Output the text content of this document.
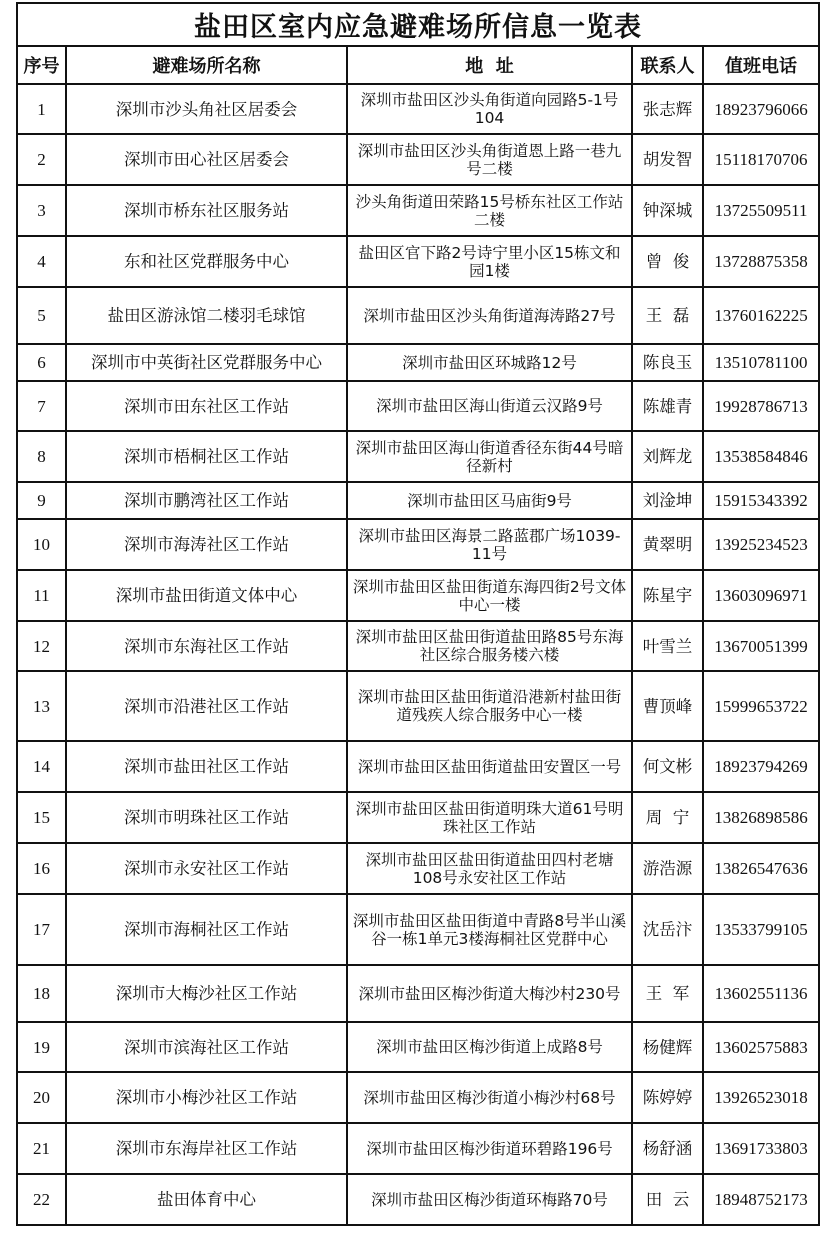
盐田区室内应急避难场所信息一览表				
序号	避难场所名称	地  址	联系人	值班电话
1	深圳市沙头角社区居委会	深圳市盐田区沙头角街道向园路5-1号104	张志辉	18923796066
2	深圳市田心社区居委会	深圳市盐田区沙头角街道恩上路一巷九号二楼	胡发智	15118170706
3	深圳市桥东社区服务站	沙头角街道田荣路15号桥东社区工作站二楼	钟深城	13725509511
4	东和社区党群服务中心	盐田区官下路2号诗宁里小区15栋文和园1楼	曾  俊	13728875358
5	盐田区游泳馆二楼羽毛球馆	深圳市盐田区沙头角街道海涛路27号	王  磊	13760162225
6	深圳市中英街社区党群服务中心	深圳市盐田区环城路12号	陈良玉	13510781100
7	深圳市田东社区工作站	深圳市盐田区海山街道云汉路9号	陈雄青	19928786713
8	深圳市梧桐社区工作站	深圳市盐田区海山街道香径东街44号暗径新村	刘辉龙	13538584846
9	深圳市鹏湾社区工作站	深圳市盐田区马庙街9号	刘淦坤	15915343392
10	深圳市海涛社区工作站	深圳市盐田区海景二路蓝郡广场1039-11号	黄翠明	13925234523
11	深圳市盐田街道文体中心	深圳市盐田区盐田街道东海四街2号文体中心一楼	陈星宇	13603096971
12	深圳市东海社区工作站	深圳市盐田区盐田街道盐田路85号东海社区综合服务楼六楼	叶雪兰	13670051399
13	深圳市沿港社区工作站	深圳市盐田区盐田街道沿港新村盐田街道残疾人综合服务中心一楼	曹顶峰	15999653722
14	深圳市盐田社区工作站	深圳市盐田区盐田街道盐田安置区一号	何文彬	18923794269
15	深圳市明珠社区工作站	深圳市盐田区盐田街道明珠大道61号明珠社区工作站	周  宁	13826898586
16	深圳市永安社区工作站	深圳市盐田区盐田街道盐田四村老塘108号永安社区工作站	游浩源	13826547636
17	深圳市海桐社区工作站	深圳市盐田区盐田街道中青路8号半山溪谷一栋1单元3楼海桐社区党群中心	沈岳汴	13533799105
18	深圳市大梅沙社区工作站	深圳市盐田区梅沙街道大梅沙村230号	王  军	13602551136
19	深圳市滨海社区工作站	深圳市盐田区梅沙街道上成路8号	杨健辉	13602575883
20	深圳市小梅沙社区工作站	深圳市盐田区梅沙街道小梅沙村68号	陈婷婷	13926523018
21	深圳市东海岸社区工作站	深圳市盐田区梅沙街道环碧路196号	杨舒涵	13691733803
22	盐田体育中心	深圳市盐田区梅沙街道环梅路70号	田  云	18948752173
